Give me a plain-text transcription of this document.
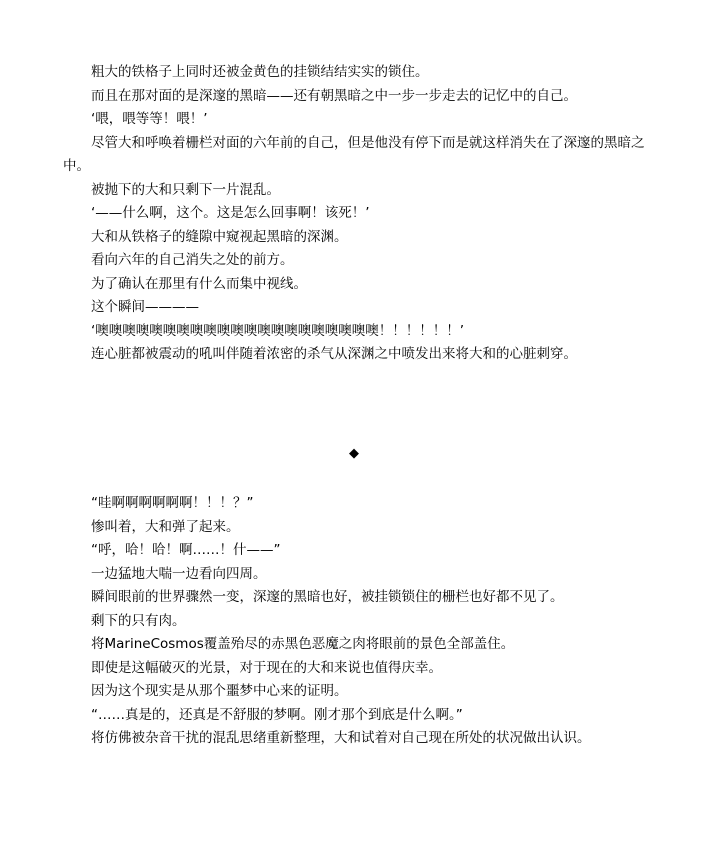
粗大的铁格子上同时还被金黄色的挂锁结结实实的锁住。

而且在那对面的是深邃的黑暗——还有朝黑暗之中一步一步走去的记忆中的自己。

‘喂，喂等等！喂！’

尽管大和呼唤着栅栏对面的六年前的自己，但是他没有停下而是就这样消失在了深邃的黑暗之中。

被抛下的大和只剩下一片混乱。

‘——什么啊，这个。这是怎么回事啊！该死！’

大和从铁格子的缝隙中窥视起黑暗的深渊。

看向六年的自己消失之处的前方。

为了确认在那里有什么而集中视线。

这个瞬间————

‘噢噢噢噢噢噢噢噢噢噢噢噢噢噢噢噢噢噢噢噢噢！！！！！！’

连心脏都被震动的吼叫伴随着浓密的杀气从深渊之中喷发出来将大和的心脏刺穿。

◆

“哇啊啊啊啊啊啊！！！？”

惨叫着，大和弹了起来。

“呼，哈！哈！啊……！什——”

一边猛地大喘一边看向四周。

瞬间眼前的世界骤然一变，深邃的黑暗也好，被挂锁锁住的栅栏也好都不见了。

剩下的只有肉。

将MarineCosmos覆盖殆尽的赤黑色恶魔之肉将眼前的景色全部盖住。

即使是这幅破灭的光景，对于现在的大和来说也值得庆幸。

因为这个现实是从那个噩梦中心来的证明。

“……真是的，还真是不舒服的梦啊。刚才那个到底是什么啊。”

将仿佛被杂音干扰的混乱思绪重新整理，大和试着对自己现在所处的状况做出认识。
